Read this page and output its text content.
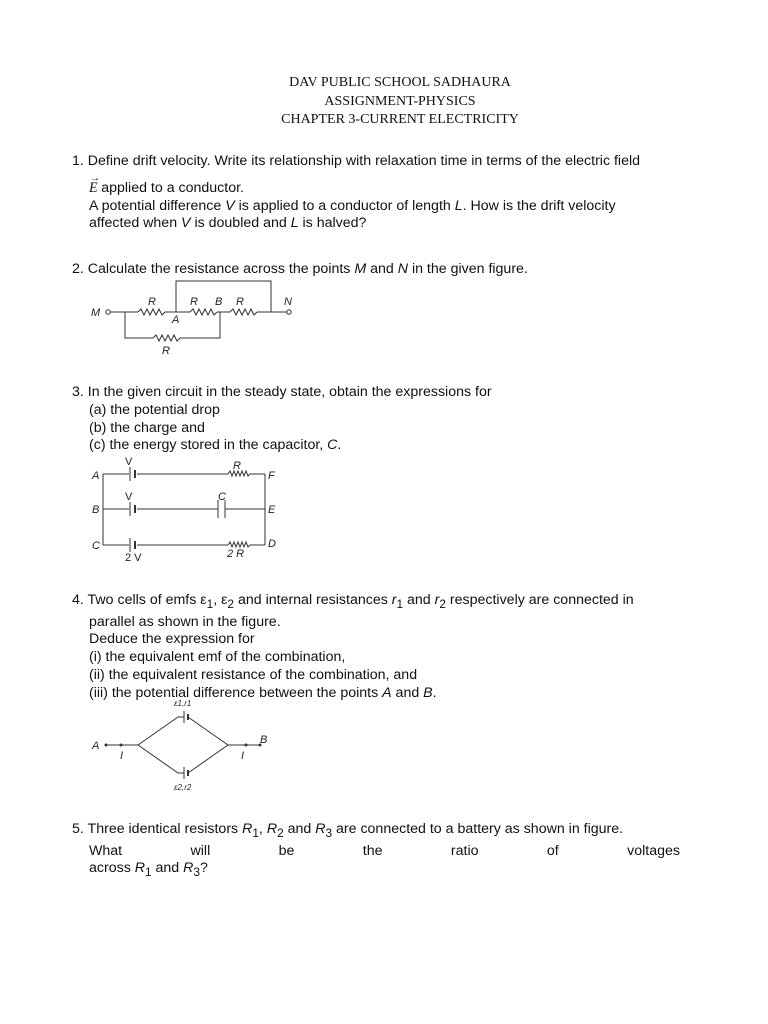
DAV PUBLIC SCHOOL SADHAURA
ASSIGNMENT-PHYSICS
CHAPTER 3-CURRENT ELECTRICITY
1. Define drift velocity. Write its relationship with relaxation time in terms of the electric field
→
E applied to a conductor.
A potential difference V is applied to a conductor of length L. How is the drift velocity
affected when V is doubled and L is halved?
2. Calculate the resistance across the points M and N in the given figure.
M
R	R B R	N
A
R
3. In the given circuit in the steady state, obtain the expressions for
(a) the potential drop
(b) the charge and
(c) the energy stored in the capacitor, C.
A
B
C
F
E
D
V
V
R
C
2 V	2 R
4. Two cells of emfs $\varepsilon_1$, $\varepsilon_2$ and internal resistances $r_1$ and $r_2$ respectively are connected in
parallel as shown in the figure.
Deduce the expression for
(i) the equivalent emf of the combination,
(ii) the equivalent resistance of the combination, and
(iii) the potential difference between the points A and B.
A	B
I	I
ε1,r1
ε2,r2
5. Three identical resistors $R_1$, $R_2$ and $R_3$ are connected to a battery as shown in figure.
What	will	be	the	ratio	of	voltages
across $R_1$ and $R_3$?
